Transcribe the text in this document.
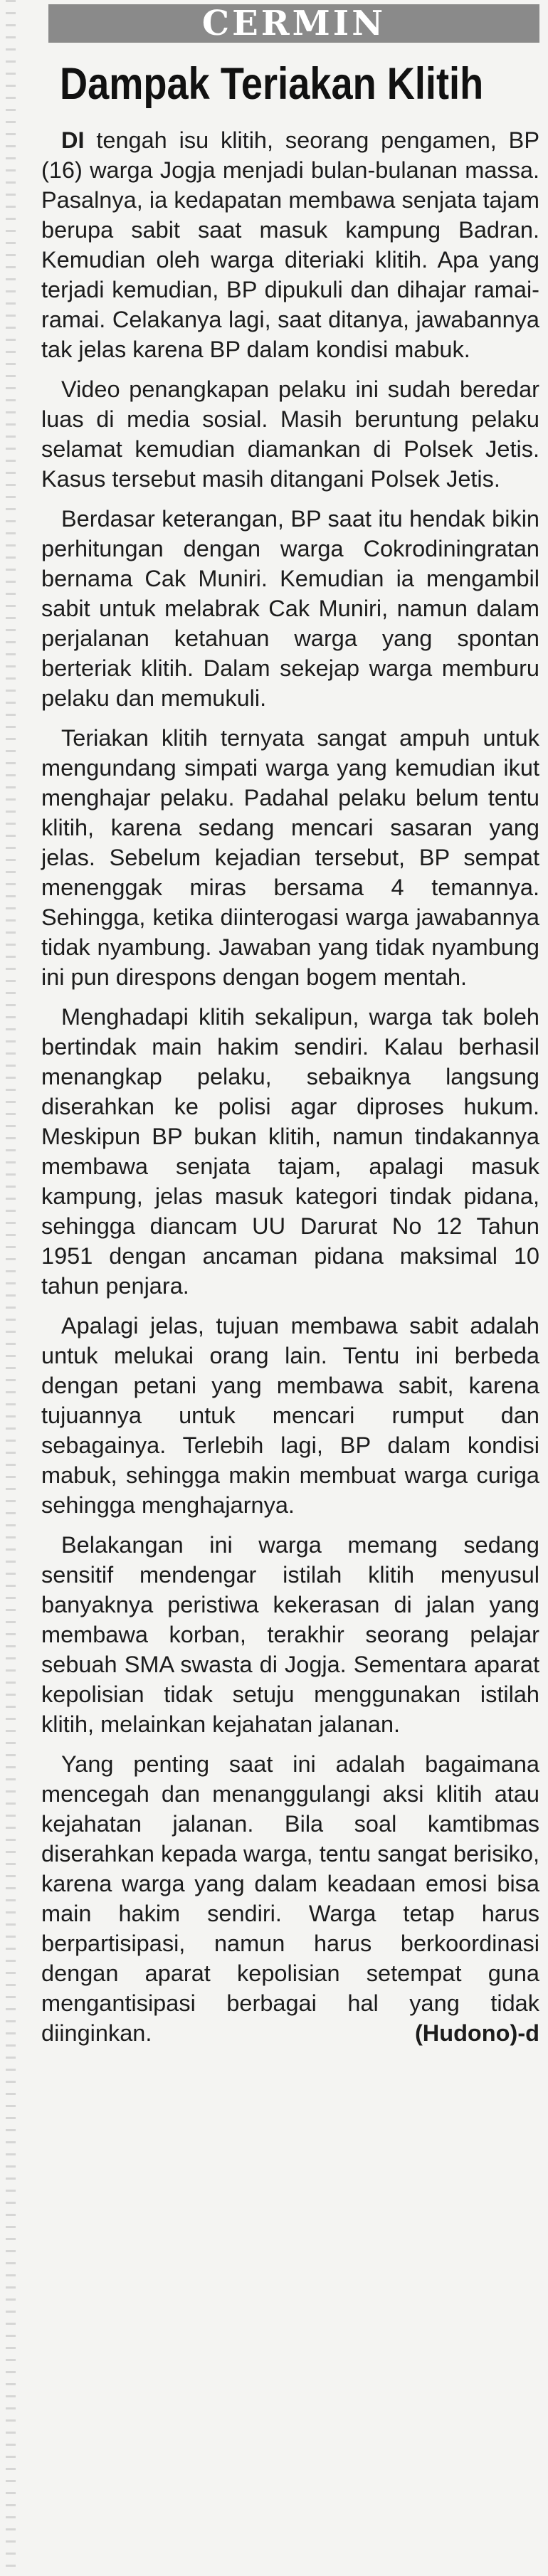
CERMIN
Dampak Teriakan Klitih

DI tengah isu klitih, seorang pengamen, BP (16) warga Jogja menjadi bulan-bulanan massa. Pasalnya, ia kedapatan membawa senjata tajam berupa sabit saat masuk kampung Badran. Kemudian oleh warga diteriaki klitih. Apa yang terjadi kemudian, BP dipukuli dan dihajar ramai-ramai. Celakanya lagi, saat ditanya, jawabannya tak jelas karena BP dalam kondisi mabuk.

Video penangkapan pelaku ini sudah beredar luas di media sosial. Masih beruntung pelaku selamat kemudian diamankan di Polsek Jetis. Kasus tersebut masih ditangani Polsek Jetis.

Berdasar keterangan, BP saat itu hendak bikin perhitungan dengan warga Cokrodiningratan bernama Cak Muniri. Kemudian ia mengambil sabit untuk melabrak Cak Muniri, namun dalam perjalanan ketahuan warga yang spontan berteriak klitih. Dalam sekejap warga memburu pelaku dan memukuli.

Teriakan klitih ternyata sangat ampuh untuk mengundang simpati warga yang kemudian ikut menghajar pelaku. Padahal pelaku belum tentu klitih, karena sedang mencari sasaran yang jelas. Sebelum kejadian tersebut, BP sempat menenggak miras bersama 4 temannya. Sehingga, ketika diinterogasi warga jawabannya tidak nyambung. Jawaban yang tidak nyambung ini pun direspons dengan bogem mentah.

Menghadapi klitih sekalipun, warga tak boleh bertindak main hakim sendiri. Kalau berhasil menangkap pelaku, sebaiknya langsung diserahkan ke polisi agar diproses hukum. Meskipun BP bukan klitih, namun tindakannya membawa senjata tajam, apalagi masuk kampung, jelas masuk kategori tindak pidana, sehingga diancam UU Darurat No 12 Tahun 1951 dengan ancaman pidana maksimal 10 tahun penjara.

Apalagi jelas, tujuan membawa sabit adalah untuk melukai orang lain. Tentu ini berbeda dengan petani yang membawa sabit, karena tujuannya untuk mencari rumput dan sebagainya. Terlebih lagi, BP dalam kondisi mabuk, sehingga makin membuat warga curiga sehingga menghajarnya.

Belakangan ini warga memang sedang sensitif mendengar istilah klitih menyusul banyaknya peristiwa kekerasan di jalan yang membawa korban, terakhir seorang pelajar sebuah SMA swasta di Jogja. Sementara aparat kepolisian tidak setuju menggunakan istilah klitih, melainkan kejahatan jalanan.

Yang penting saat ini adalah bagaimana mencegah dan menanggulangi aksi klitih atau kejahatan jalanan. Bila soal kamtibmas diserahkan kepada warga, tentu sangat berisiko, karena warga yang dalam keadaan emosi bisa main hakim sendiri. Warga tetap harus berpartisipasi, namun harus berkoordinasi dengan aparat kepolisian setempat guna mengantisipasi berbagai hal yang tidak diinginkan.	(Hudono)-d
